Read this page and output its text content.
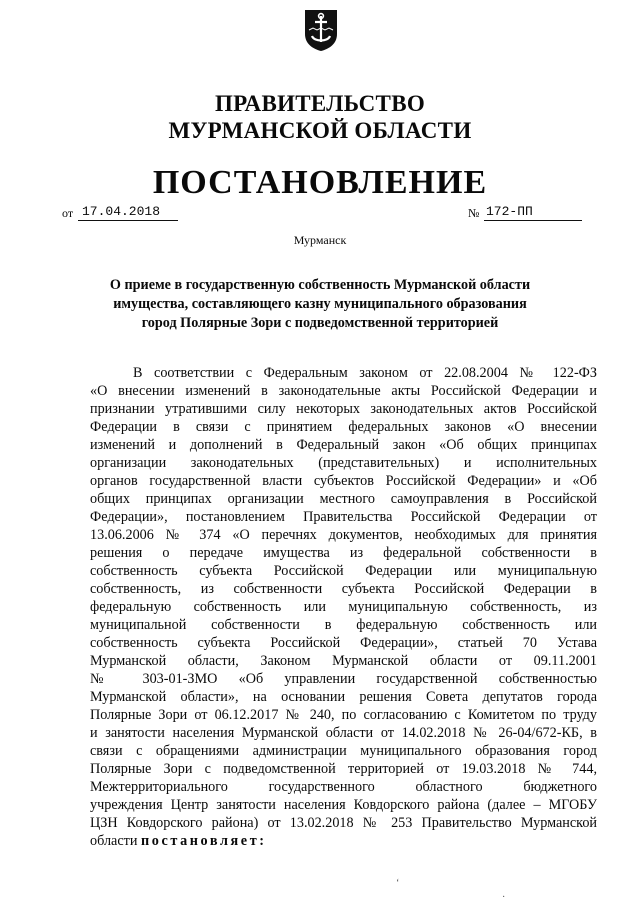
ПРАВИТЕЛЬСТВО
МУРМАНСКОЙ ОБЛАСТИ
ПОСТАНОВЛЕНИЕ
от 17.04.2018	№ 172-ПП
Мурманск
О приеме в государственную собственность Мурманской области
имущества, составляющего казну муниципального образования
город Полярные Зори с подведомственной территорией
В соответствии с Федеральным законом от 22.08.2004 № 122-ФЗ
«О внесении изменений в законодательные акты Российской Федерации и
признании утратившими силу некоторых законодательных актов Российской
Федерации в связи с принятием федеральных законов «О внесении
изменений и дополнений в Федеральный закон «Об общих принципах
организации законодательных (представительных) и исполнительных
органов государственной власти субъектов Российской Федерации» и «Об
общих принципах организации местного самоуправления в Российской
Федерации», постановлением Правительства Российской Федерации от
13.06.2006 № 374 «О перечнях документов, необходимых для принятия
решения о передаче имущества из федеральной собственности в
собственность субъекта Российской Федерации или муниципальную
собственность, из собственности субъекта Российской Федерации в
федеральную собственность или муниципальную собственность, из
муниципальной собственности в федеральную собственность или
собственность субъекта Российской Федерации», статьей 70 Устава
Мурманской области, Законом Мурманской области от 09.11.2001
№ 303-01-ЗМО «Об управлении государственной собственностью
Мурманской области», на основании решения Совета депутатов города
Полярные Зори от 06.12.2017 № 240, по согласованию с Комитетом по труду
и занятости населения Мурманской области от 14.02.2018 № 26-04/672-КБ, в
связи с обращениями администрации муниципального образования город
Полярные Зори с подведомственной территорией от 19.03.2018 № 744,
Межтерриториального государственного областного бюджетного
учреждения Центр занятости населения Ковдорского района (далее – МГОБУ
ЦЗН Ковдорского района) от 13.02.2018 № 253 Правительство Мурманской
области постановляет:
‘
·
